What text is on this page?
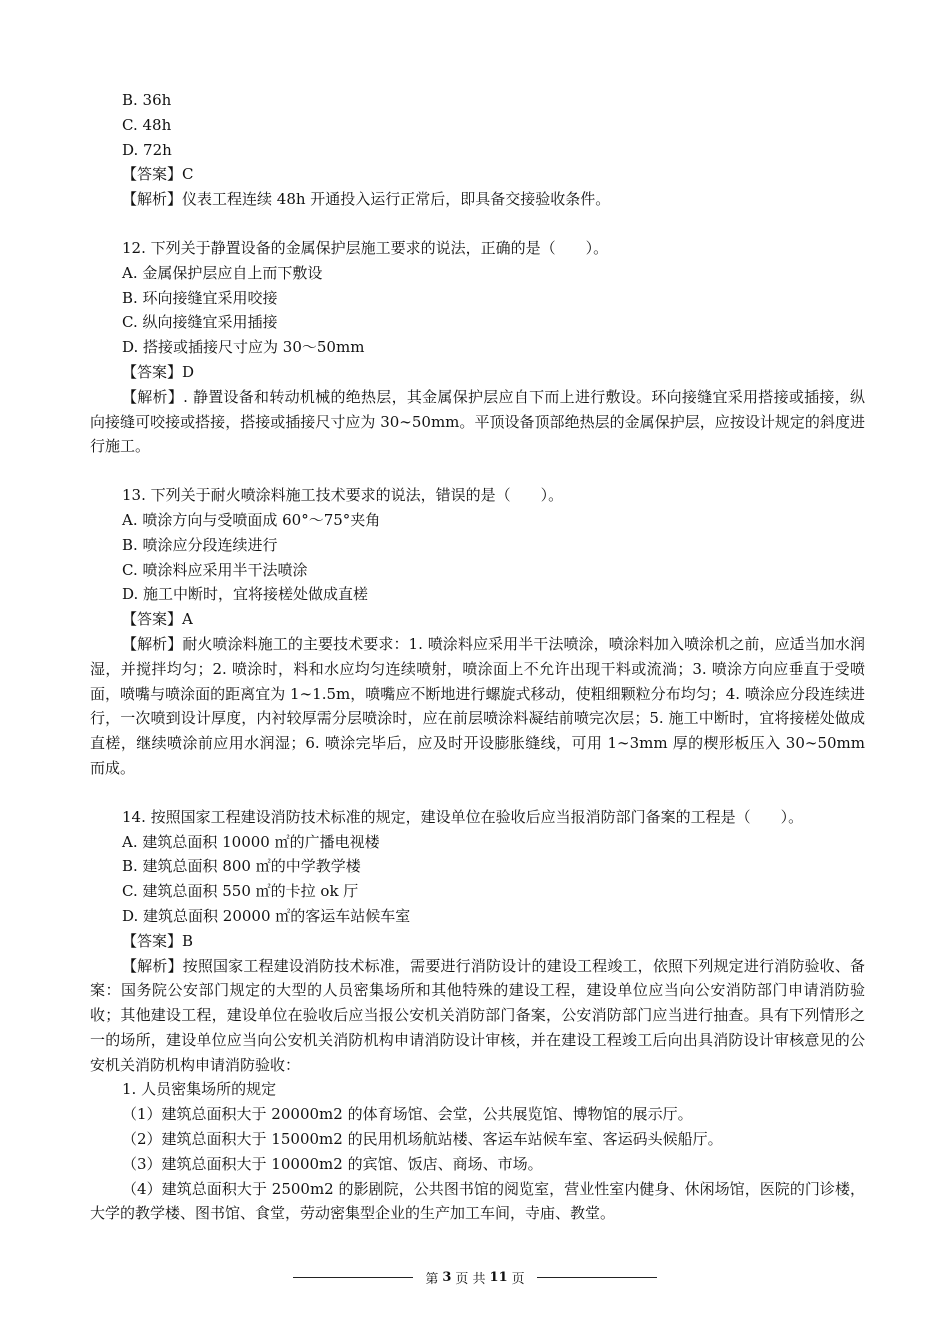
B. 36h
C. 48h
D. 72h
【答案】C
【解析】仪表工程连续 48h 开通投入运行正常后，即具备交接验收条件。
12. 下列关于静置设备的金属保护层施工要求的说法，正确的是（　　）。
A. 金属保护层应自上而下敷设
B. 环向接缝宜采用咬接
C. 纵向接缝宜采用插接
D. 搭接或插接尺寸应为 30～50mm
【答案】D
【解析】. 静置设备和转动机械的绝热层，其金属保护层应自下而上进行敷设。环向接缝宜采用搭接或插接，纵向接缝可咬接或搭接，搭接或插接尺寸应为 30∼50mm。平顶设备顶部绝热层的金属保护层，应按设计规定的斜度进行施工。
13. 下列关于耐火喷涂料施工技术要求的说法，错误的是（　　）。
A. 喷涂方向与受喷面成 60°～75°夹角
B. 喷涂应分段连续进行
C. 喷涂料应采用半干法喷涂
D. 施工中断时，宜将接槎处做成直槎
【答案】A
【解析】耐火喷涂料施工的主要技术要求：1. 喷涂料应采用半干法喷涂，喷涂料加入喷涂机之前，应适当加水润湿，并搅拌均匀；2. 喷涂时，料和水应均匀连续喷射，喷涂面上不允许出现干料或流淌；3. 喷涂方向应垂直于受喷面，喷嘴与喷涂面的距离宜为 1∼1.5m，喷嘴应不断地进行螺旋式移动，使粗细颗粒分布均匀；4. 喷涂应分段连续进行，一次喷到设计厚度，内衬较厚需分层喷涂时，应在前层喷涂料凝结前喷完次层；5. 施工中断时，宜将接槎处做成直槎，继续喷涂前应用水润湿；6. 喷涂完毕后，应及时开设膨胀缝线，可用 1∼3mm 厚的楔形板压入 30∼50mm 而成。
14. 按照国家工程建设消防技术标准的规定，建设单位在验收后应当报消防部门备案的工程是（　　）。
A. 建筑总面积 10000 ㎡的广播电视楼
B. 建筑总面积 800 ㎡的中学教学楼
C. 建筑总面积 550 ㎡的卡拉 ok 厅
D. 建筑总面积 20000 ㎡的客运车站候车室
【答案】B
【解析】按照国家工程建设消防技术标准，需要进行消防设计的建设工程竣工，依照下列规定进行消防验收、备案：国务院公安部门规定的大型的人员密集场所和其他特殊的建设工程，建设单位应当向公安消防部门申请消防验收；其他建设工程，建设单位在验收后应当报公安机关消防部门备案，公安消防部门应当进行抽查。具有下列情形之一的场所，建设单位应当向公安机关消防机构申请消防设计审核，并在建设工程竣工后向出具消防设计审核意见的公安机关消防机构申请消防验收：
1. 人员密集场所的规定
（1）建筑总面积大于 20000m2 的体育场馆、会堂，公共展览馆、博物馆的展示厅。
（2）建筑总面积大于 15000m2 的民用机场航站楼、客运车站候车室、客运码头候船厅。
（3）建筑总面积大于 10000m2 的宾馆、饭店、商场、市场。
（4）建筑总面积大于 2500m2 的影剧院，公共图书馆的阅览室，营业性室内健身、休闲场馆，医院的门诊楼，大学的教学楼、图书馆、食堂，劳动密集型企业的生产加工车间，寺庙、教堂。
第 3 页 共 11 页
